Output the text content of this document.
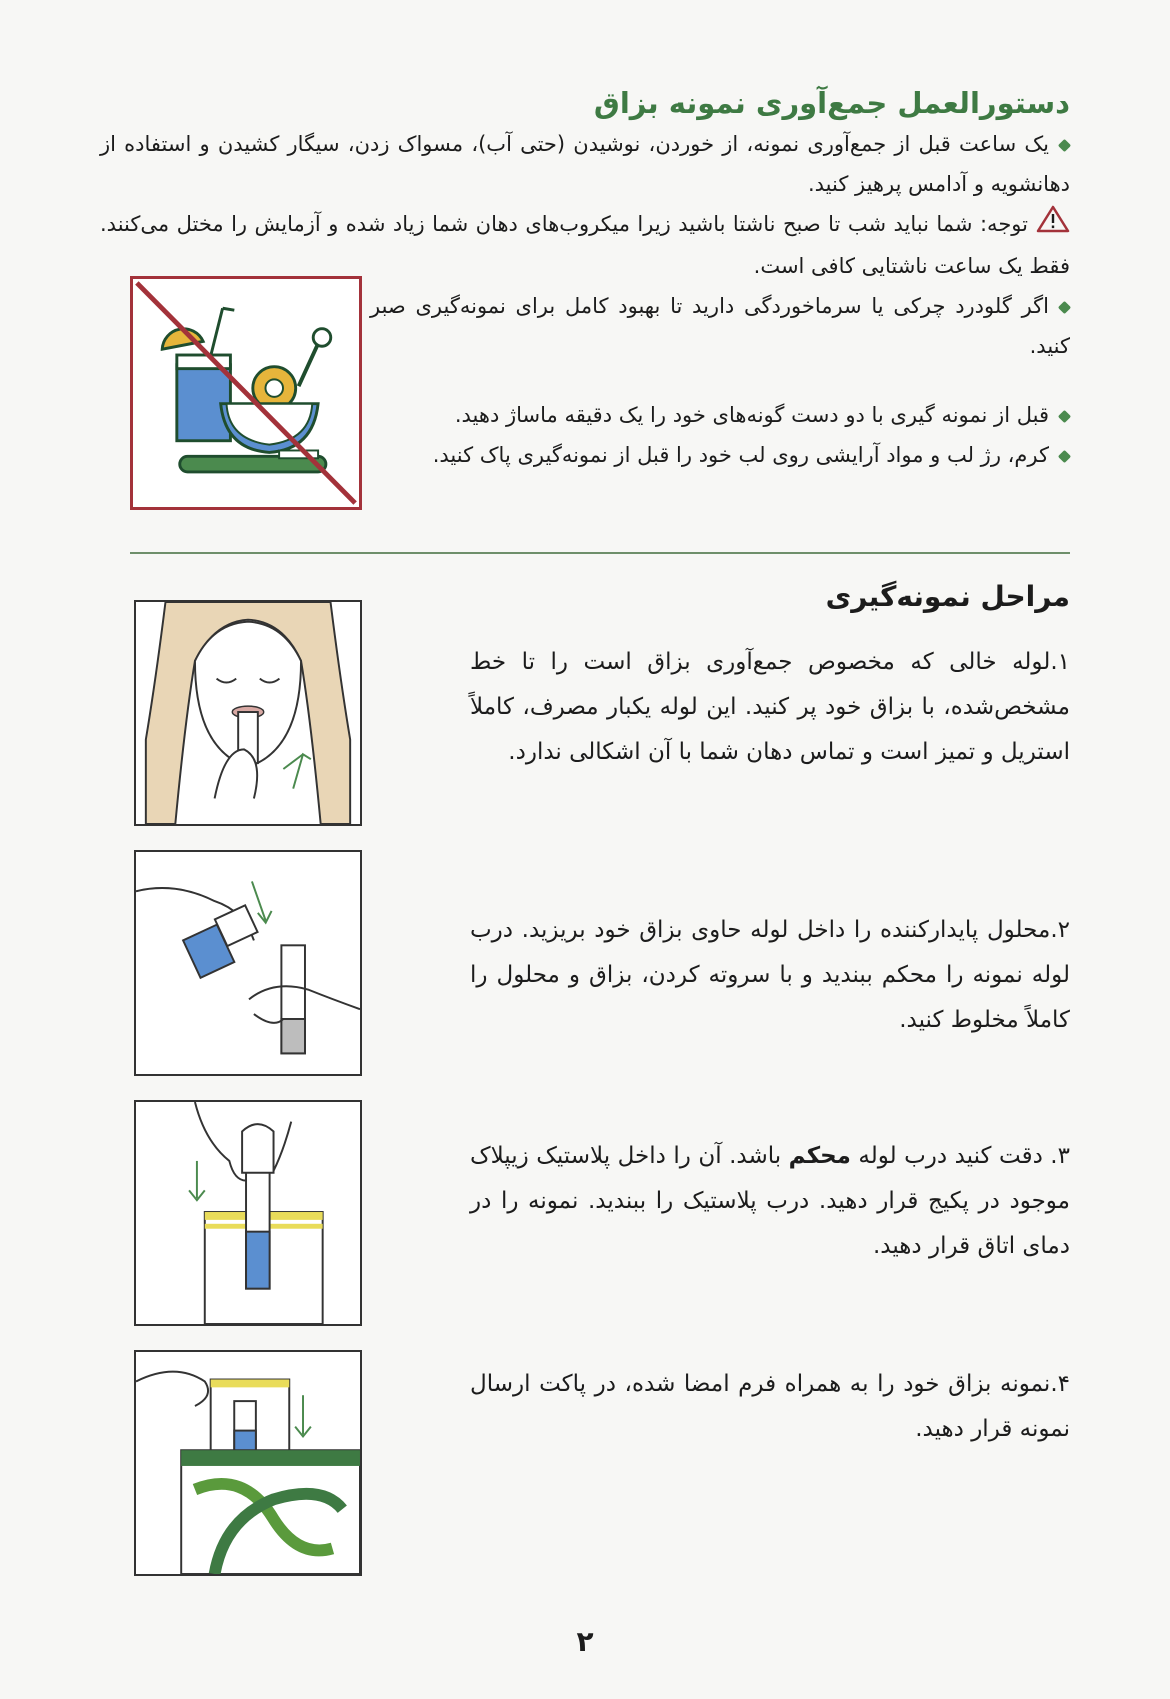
دستورالعمل جمع‌آوری نمونه بزاق

یک ساعت قبل از جمع‌آوری نمونه، از خوردن، نوشیدن (حتی آب)، مسواک زدن، سیگار کشیدن و استفاده از دهانشویه و آدامس پرهیز کنید.

توجه: شما نباید شب تا صبح ناشتا باشید زیرا میکروب‌های دهان شما زیاد شده و آزمایش را مختل می‌کنند. فقط یک ساعت ناشتایی کافی است.

اگر گلودرد چرکی یا سرماخوردگی دارید تا بهبود کامل برای نمونه‌گیری صبر کنید.

قبل از نمونه گیری با دو دست گونه‌های خود را یک دقیقه ماساژ دهید.

کرم، رژ لب و مواد آرایشی روی لب خود را قبل از نمونه‌گیری پاک کنید.

مراحل نمونه‌گیری

۱.لوله خالی که مخصوص جمع‌آوری بزاق است را تا خط مشخص‌شده، با بزاق خود پر کنید. این لوله یکبار مصرف، کاملاً استریل و تمیز است و تماس دهان شما با آن اشکالی ندارد.

۲.محلول پایدارکننده را داخل لوله حاوی بزاق خود بریزید. درب لوله نمونه را محکم ببندید و با سروته کردن، بزاق و محلول را کاملاً مخلوط کنید.

۳. دقت کنید درب لوله محکم باشد. آن را داخل پلاستیک زیپلاک موجود در پکیج قرار دهید. درب پلاستیک را ببندید. نمونه را در دمای اتاق قرار دهید.

۴.نمونه بزاق خود را به همراه فرم امضا شده، در پاکت ارسال نمونه قرار دهید.

۲
